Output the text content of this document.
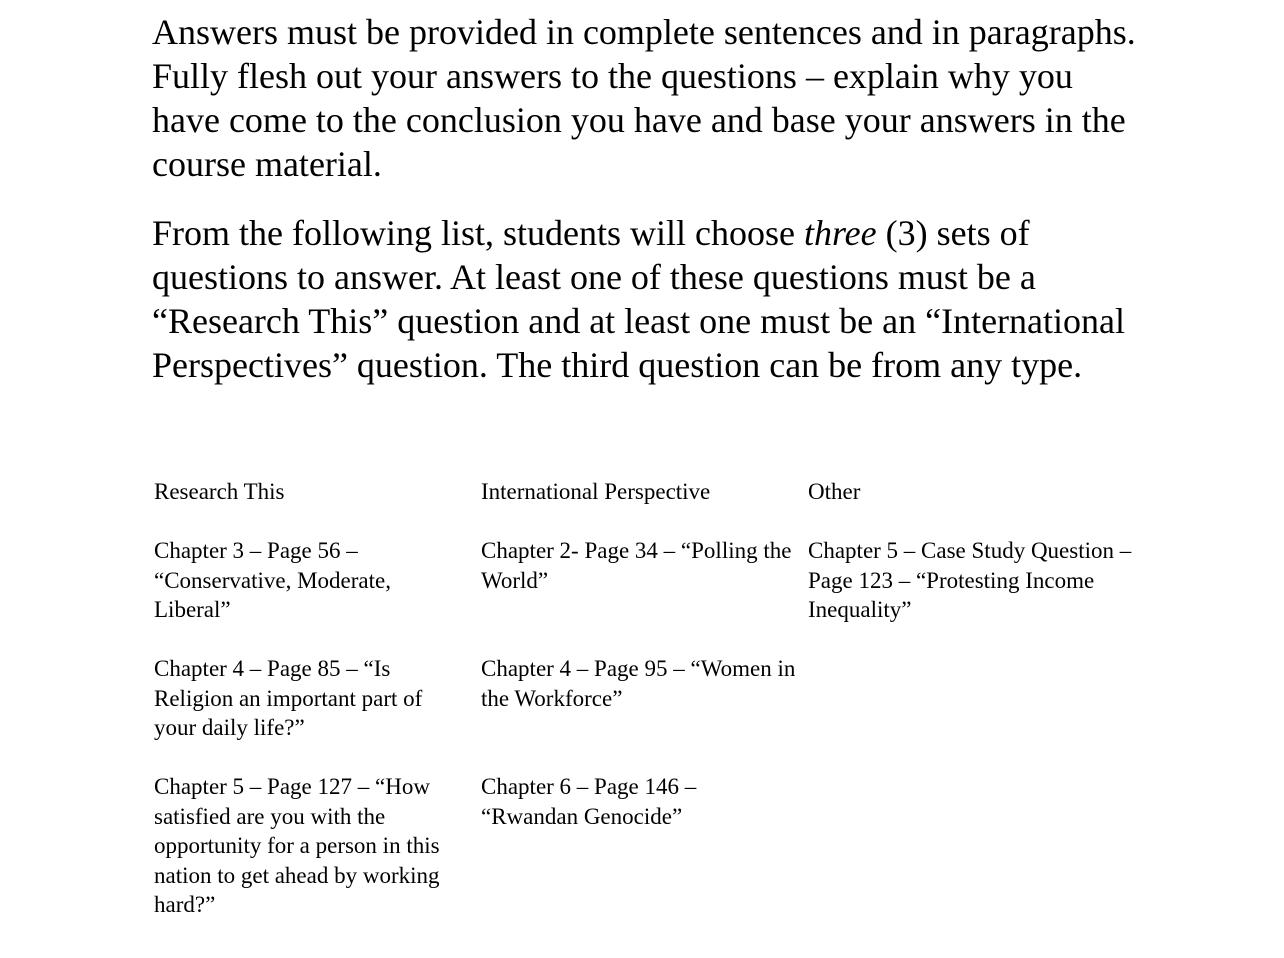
Answers must be provided in complete sentences and in paragraphs. Fully flesh out your answers to the questions – explain why you have come to the conclusion you have and base your answers in the course material.

From the following list, students will choose three (3) sets of questions to answer. At least one of these questions must be a “Research This” question and at least one must be an “International Perspectives” question. The third question can be from any type.

Research This	International Perspective	Other
Chapter 3 – Page 56 – “Conservative, Moderate, Liberal”	Chapter 2- Page 34 – “Polling the World”	Chapter 5 – Case Study Question – Page 123 – “Protesting Income Inequality”
Chapter 4 – Page 85 – “Is Religion an important part of your daily life?”	Chapter 4 – Page 95 – “Women in the Workforce”	
Chapter 5 – Page 127 – “How satisfied are you with the opportunity for a person in this nation to get ahead by working hard?”	Chapter 6 – Page 146 – “Rwandan Genocide”	
